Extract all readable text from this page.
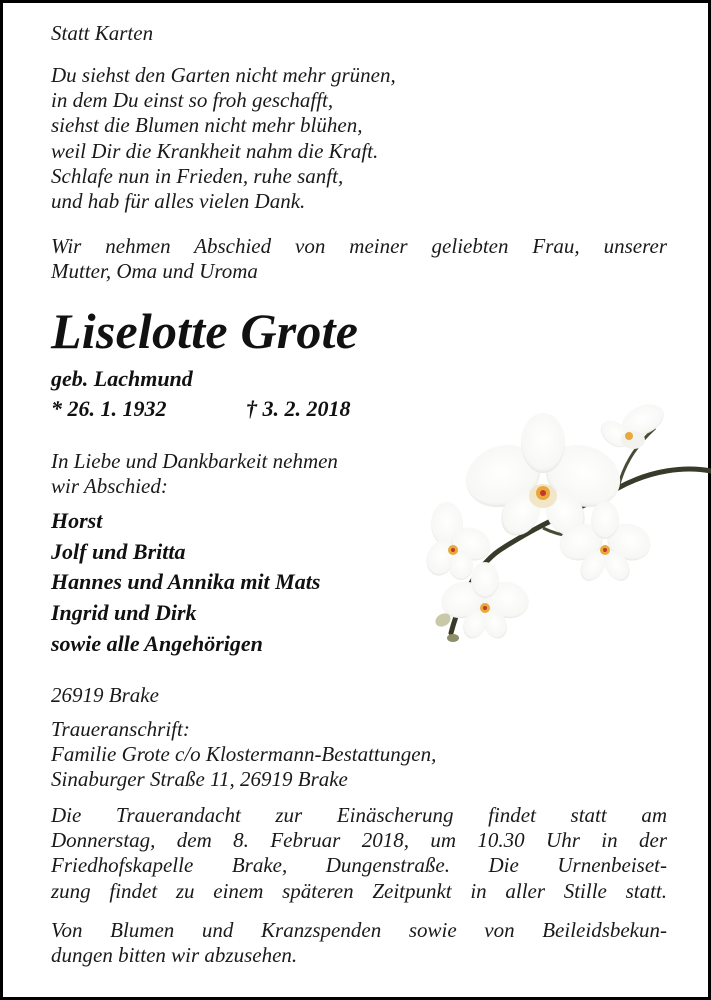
Statt Karten

Du siehst den Garten nicht mehr grünen,
in dem Du einst so froh geschafft,
siehst die Blumen nicht mehr blühen,
weil Dir die Krankheit nahm die Kraft.
Schlafe nun in Frieden, ruhe sanft,
und hab für alles vielen Dank.
Wir nehmen Abschied von meiner geliebten Frau, unserer
Mutter, Oma und Uroma
Liselotte Grote
geb. Lachmund
* 26. 1. 1932	† 3. 2. 2018
In Liebe und Dankbarkeit nehmen
wir Abschied:
Horst
Jolf und Britta
Hannes und Annika mit Mats
Ingrid und Dirk
sowie alle Angehörigen

26919 Brake

Traueranschrift:
Familie Grote c/o Klostermann-Bestattungen,
Sinaburger Straße 11, 26919 Brake
Die Trauerandacht zur Einäscherung findet statt am
Donnerstag, dem 8. Februar 2018, um 10.30 Uhr in der
Friedhofskapelle Brake, Dungenstraße. Die Urnenbeiset-
zung findet zu einem späteren Zeitpunkt in aller Stille statt.
Von Blumen und Kranzspenden sowie von Beileidsbekun-
dungen bitten wir abzusehen.
